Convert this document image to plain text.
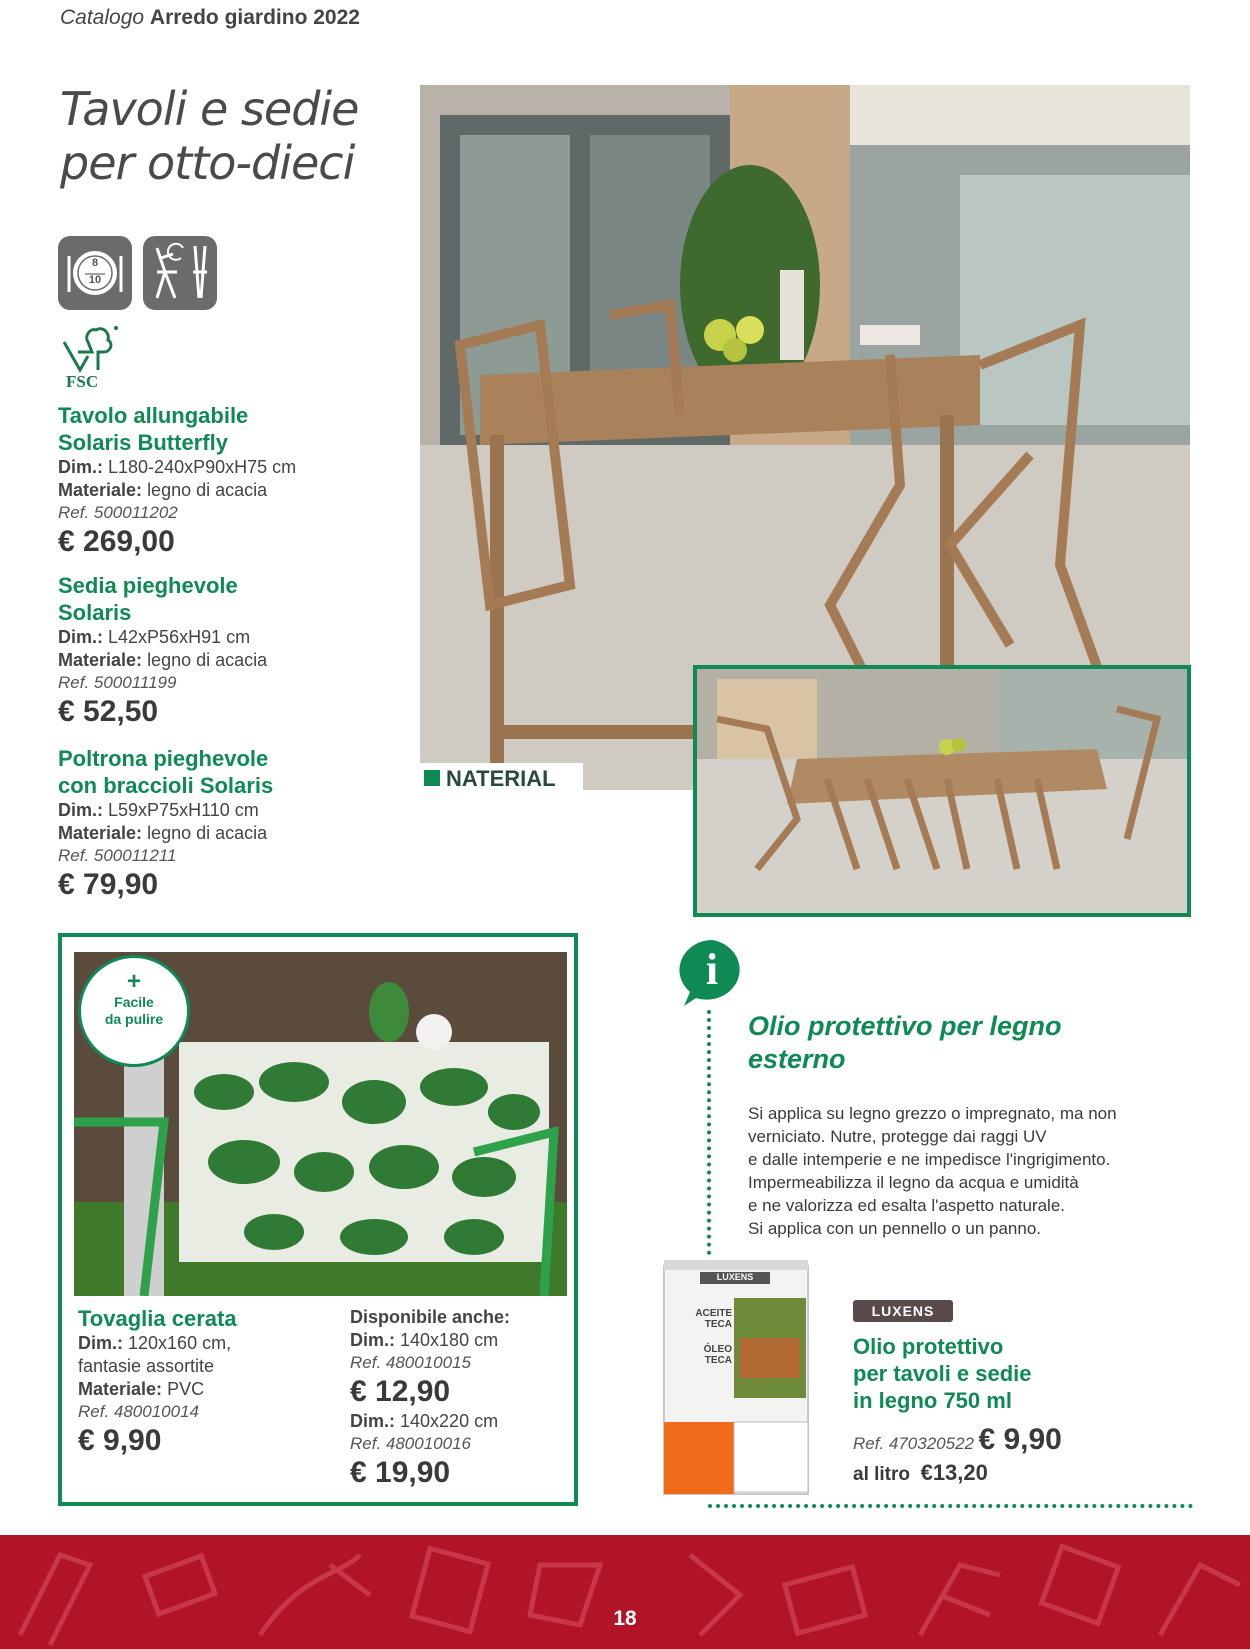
Catalogo Arredo giardino 2022
Tavoli e sedie
per otto-dieci
8
10
FSC
Tavolo allungabile
Solaris Butterfly
Dim.: L180-240xP90xH75 cm
Materiale: legno di acacia
Ref. 500011202
€ 269,00
Sedia pieghevole
Solaris
Dim.: L42xP56xH91 cm
Materiale: legno di acacia
Ref. 500011199
€ 52,50
Poltrona pieghevole
con braccioli Solaris
Dim.: L59xP75xH110 cm
Materiale: legno di acacia
Ref. 500011211
€ 79,90
NATERIAL
+
Facile
da pulire
Tovaglia cerata
Dim.: 120x160 cm,
fantasie assortite
Materiale: PVC
Ref. 480010014
€ 9,90
Disponibile anche:
Dim.: 140x180 cm
Ref. 480010015
€ 12,90
Dim.: 140x220 cm
Ref. 480010016
€ 19,90
i
Olio protettivo per legno
esterno
Si applica su legno grezzo o impregnato, ma non
verniciato. Nutre, protegge dai raggi UV
e dalle intemperie e ne impedisce l'ingrigimento.
Impermeabilizza il legno da acqua e umidità
e ne valorizza ed esalta l'aspetto naturale.
Si applica con un pennello o un panno.
LUXENS
ACEITE
TECA
ÓLEO
TECA
LUXENS
Olio protettivo
per tavoli e sedie
in legno 750 ml
Ref. 470320522 € 9,90
al litro €13,20
18
